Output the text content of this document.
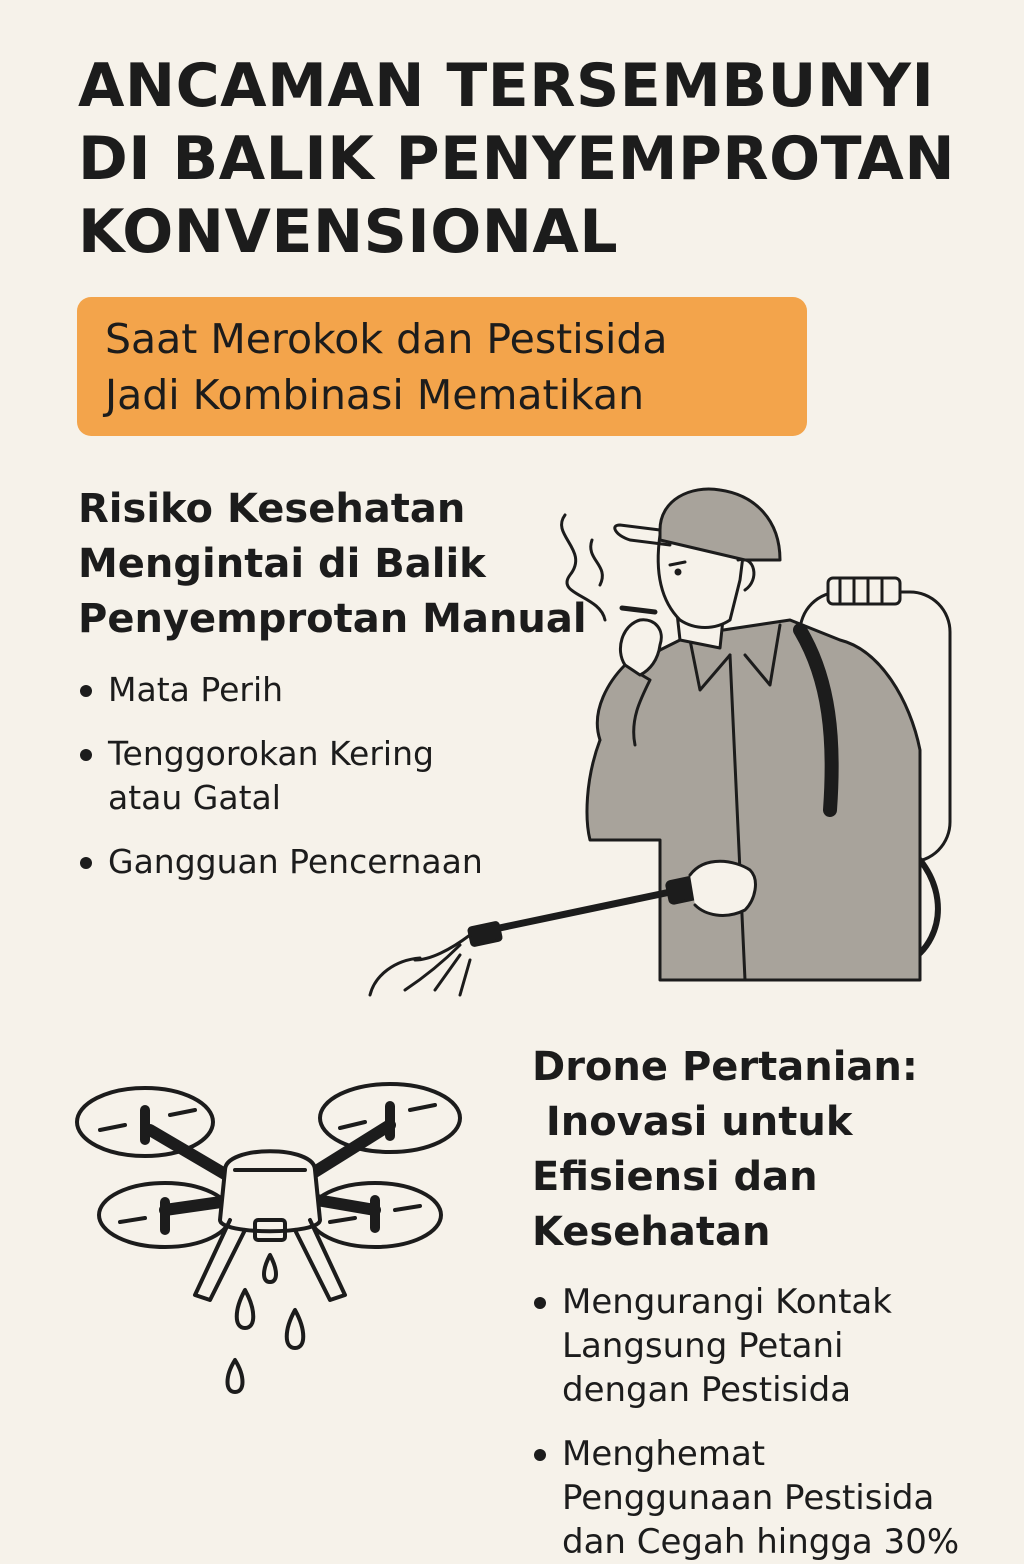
ANCAMAN TERSEMBUNYI
DI BALIK PENYEMPROTAN
KONVENSIONAL
Saat Merokok dan Pestisida
Jadi Kombinasi Mematikan
Risiko Kesehatan
Mengintai di Balik
Penyemprotan Manual
Mata Perih
Tenggorokan Kering
atau Gatal
Gangguan Pencernaan
Drone Pertanian:
Inovasi untuk
Efisiensi dan
Kesehatan
Mengurangi Kontak
Langsung Petani
dengan Pestisida
Menghemat
Penggunaan Pestisida
dan Cegah hingga 30%
